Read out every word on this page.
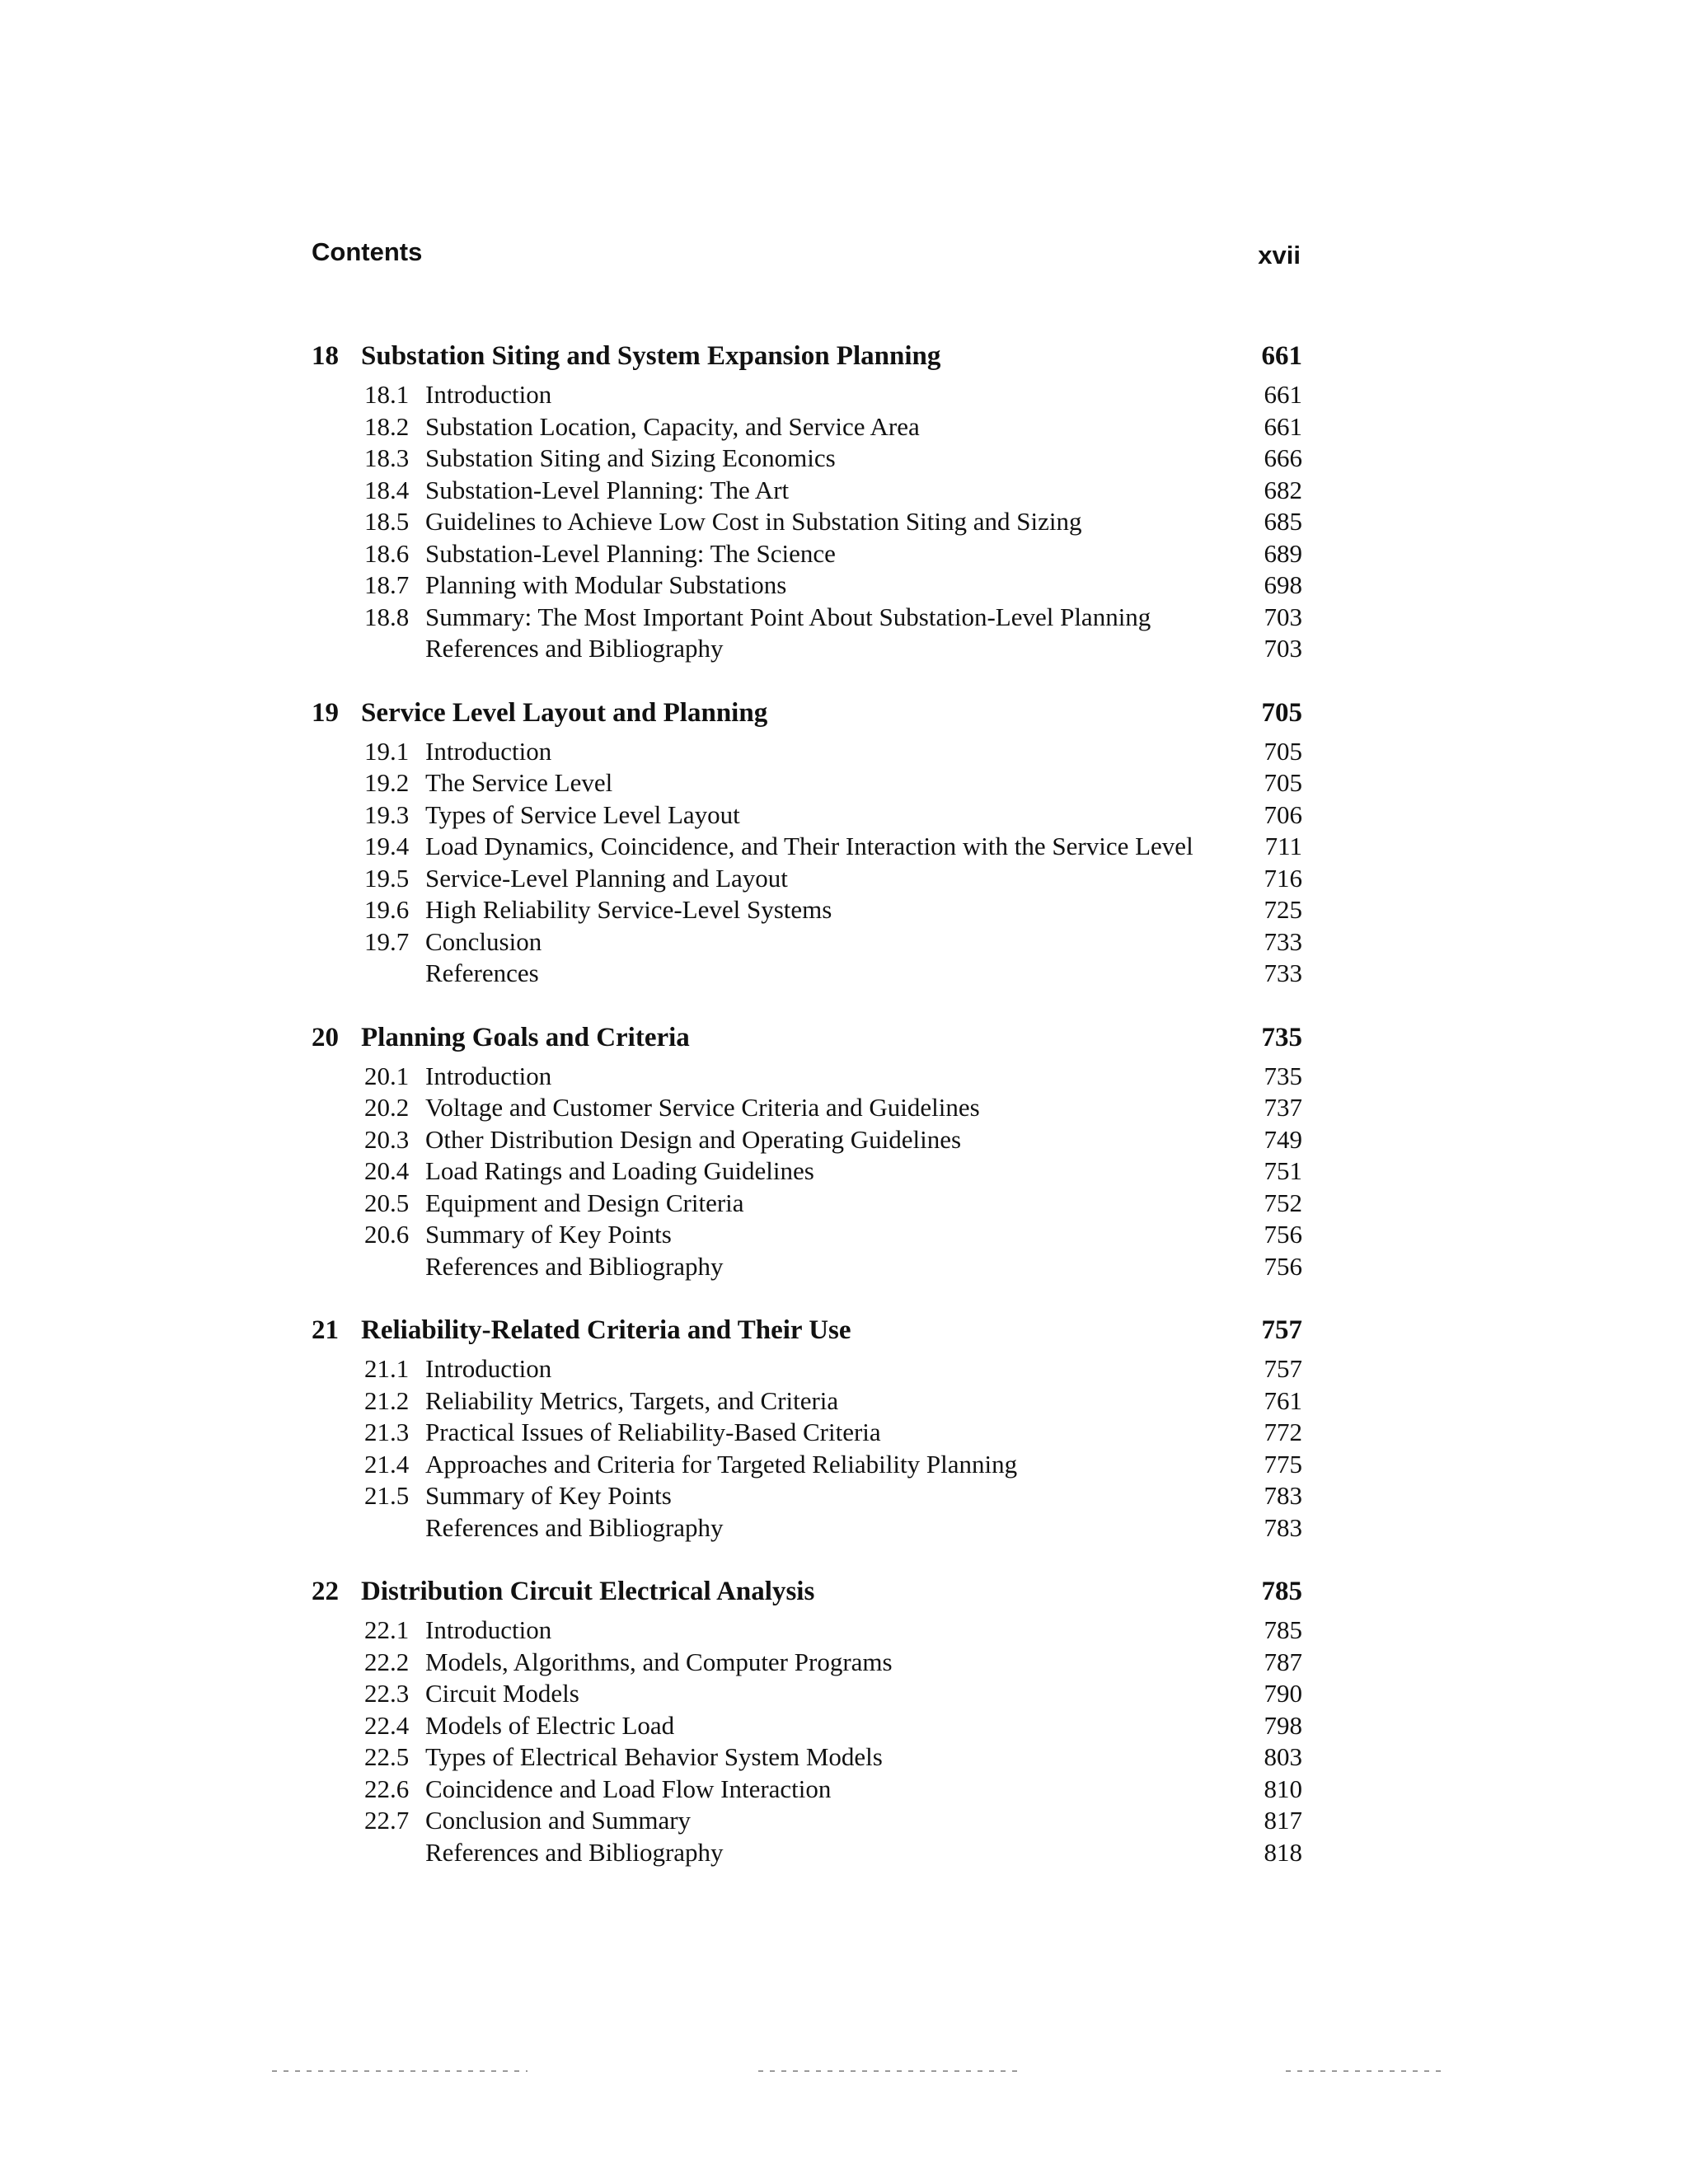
Contents	xvii
18 Substation Siting and System Expansion Planning	661
18.1 Introduction	661
18.2 Substation Location, Capacity, and Service Area	661
18.3 Substation Siting and Sizing Economics	666
18.4 Substation-Level Planning: The Art	682
18.5 Guidelines to Achieve Low Cost in Substation Siting and Sizing	685
18.6 Substation-Level Planning: The Science	689
18.7 Planning with Modular Substations	698
18.8 Summary: The Most Important Point About Substation-Level Planning	703
References and Bibliography	703
19 Service Level Layout and Planning	705
19.1 Introduction	705
19.2 The Service Level	705
19.3 Types of Service Level Layout	706
19.4 Load Dynamics, Coincidence, and Their Interaction with the Service Level	711
19.5 Service-Level Planning and Layout	716
19.6 High Reliability Service-Level Systems	725
19.7 Conclusion	733
References	733
20 Planning Goals and Criteria	735
20.1 Introduction	735
20.2 Voltage and Customer Service Criteria and Guidelines	737
20.3 Other Distribution Design and Operating Guidelines	749
20.4 Load Ratings and Loading Guidelines	751
20.5 Equipment and Design Criteria	752
20.6 Summary of Key Points	756
References and Bibliography	756
21 Reliability-Related Criteria and Their Use	757
21.1 Introduction	757
21.2 Reliability Metrics, Targets, and Criteria	761
21.3 Practical Issues of Reliability-Based Criteria	772
21.4 Approaches and Criteria for Targeted Reliability Planning	775
21.5 Summary of Key Points	783
References and Bibliography	783
22 Distribution Circuit Electrical Analysis	785
22.1 Introduction	785
22.2 Models, Algorithms, and Computer Programs	787
22.3 Circuit Models	790
22.4 Models of Electric Load	798
22.5 Types of Electrical Behavior System Models	803
22.6 Coincidence and Load Flow Interaction	810
22.7 Conclusion and Summary	817
References and Bibliography	818
